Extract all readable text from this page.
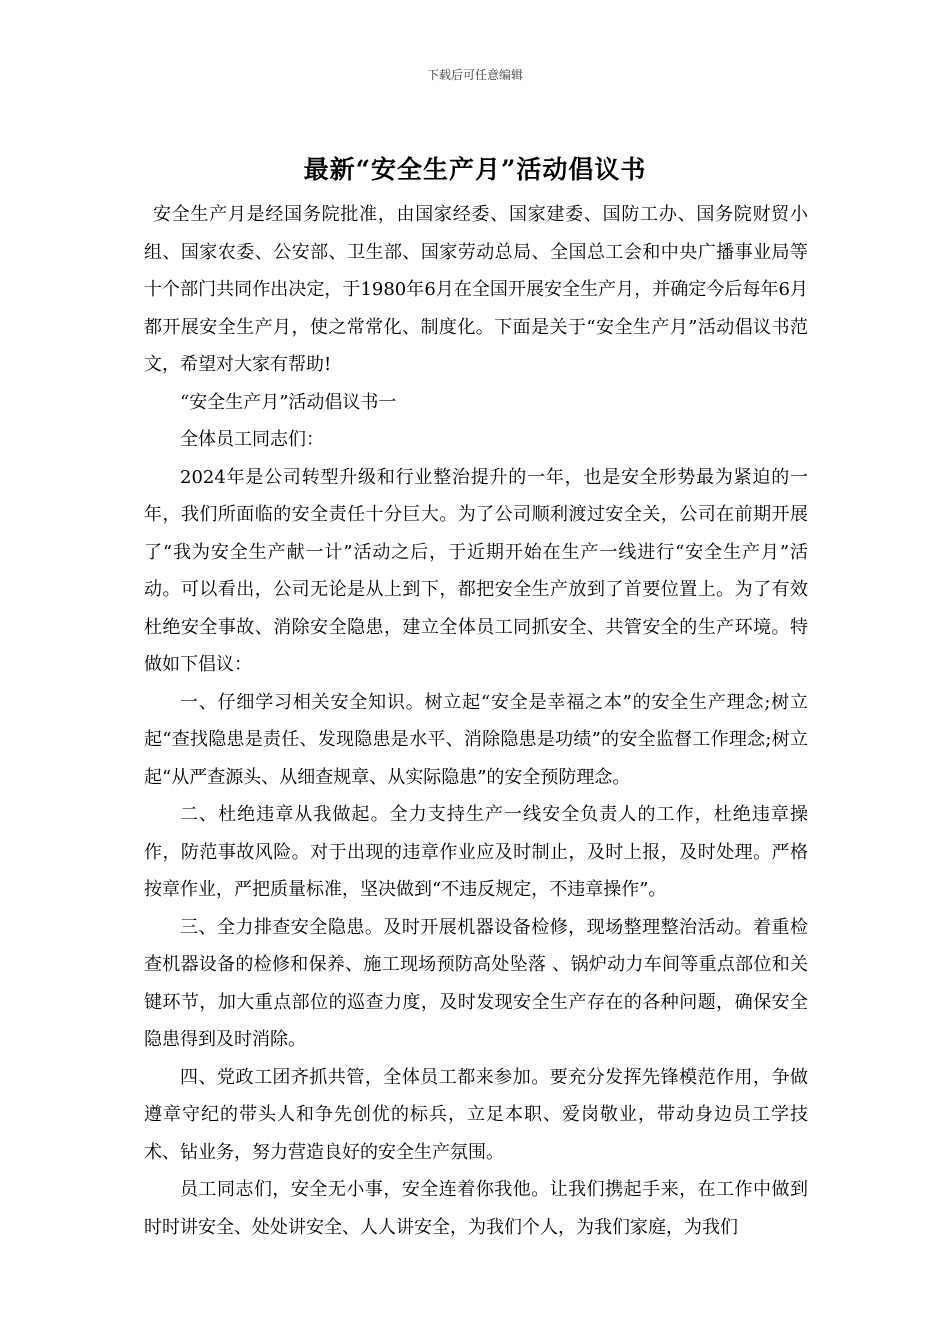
下载后可任意编辑
最新“安全生产月”活动倡议书

安全生产月是经国务院批准，由国家经委、国家建委、国防工办、国务院财贸小组、国家农委、公安部、卫生部、国家劳动总局、全国总工会和中央广播事业局等十个部门共同作出决定，于1980年6月在全国开展安全生产月，并确定今后每年6月都开展安全生产月，使之常常化、制度化。下面是关于“安全生产月”活动倡议书范文，希望对大家有帮助!

“安全生产月”活动倡议书一

全体员工同志们：

2024年是公司转型升级和行业整治提升的一年，也是安全形势最为紧迫的一年，我们所面临的安全责任十分巨大。为了公司顺利渡过安全关，公司在前期开展了“我为安全生产献一计”活动之后，于近期开始在生产一线进行“安全生产月”活动。可以看出，公司无论是从上到下，都把安全生产放到了首要位置上。为了有效杜绝安全事故、消除安全隐患，建立全体员工同抓安全、共管安全的生产环境。特做如下倡议：

一、仔细学习相关安全知识。树立起“安全是幸福之本”的安全生产理念;树立起“查找隐患是责任、发现隐患是水平、消除隐患是功绩”的安全监督工作理念;树立起“从严查源头、从细查规章、从实际隐患”的安全预防理念。

二、杜绝违章从我做起。全力支持生产一线安全负责人的工作，杜绝违章操作，防范事故风险。对于出现的违章作业应及时制止，及时上报，及时处理。严格按章作业，严把质量标准，坚决做到“不违反规定，不违章操作”。

三、全力排查安全隐患。及时开展机器设备检修，现场整理整治活动。着重检查机器设备的检修和保养、施工现场预防高处坠落 、锅炉动力车间等重点部位和关键环节，加大重点部位的巡查力度，及时发现安全生产存在的各种问题，确保安全隐患得到及时消除。

四、党政工团齐抓共管，全体员工都来参加。要充分发挥先锋模范作用，争做遵章守纪的带头人和争先创优的标兵，立足本职、爱岗敬业，带动身边员工学技术、钻业务，努力营造良好的安全生产氛围。

员工同志们，安全无小事，安全连着你我他。让我们携起手来，在工作中做到时时讲安全、处处讲安全、人人讲安全，为我们个人，为我们家庭，为我们
